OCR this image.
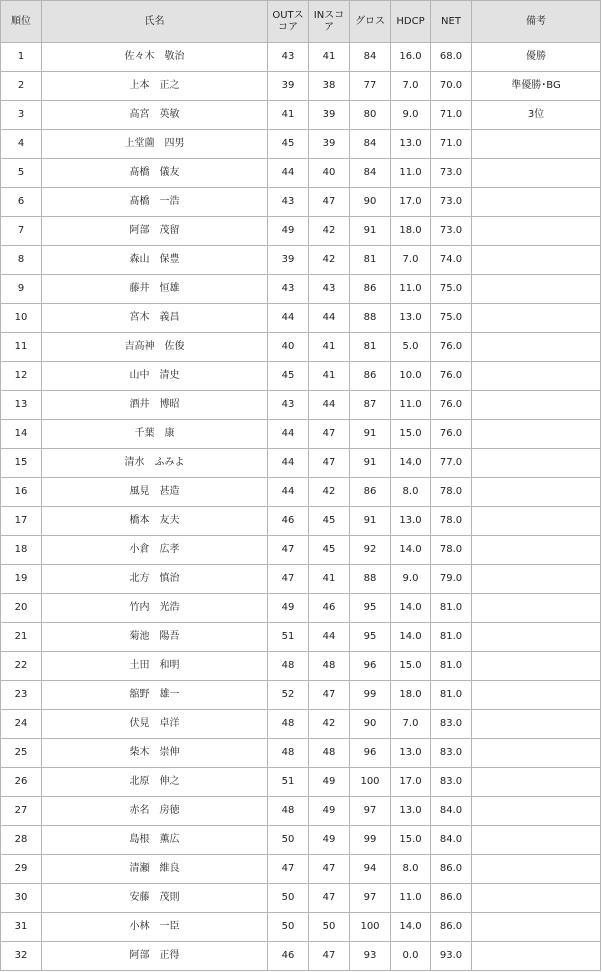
順位	氏名	OUTスコア	INスコア	グロス	HDCP	NET	備考
1	佐々木　敬治	43	41	84	16.0	68.0	優勝
2	上本　正之	39	38	77	7.0	70.0	準優勝･BG
3	高宮　英敏	41	39	80	9.0	71.0	3位
4	上堂薗　四男	45	39	84	13.0	71.0	
5	髙橋　儀友	44	40	84	11.0	73.0	
6	髙橋　一浩	43	47	90	17.0	73.0	
7	阿部　茂留	49	42	91	18.0	73.0	
8	森山　保豊	39	42	81	7.0	74.0	
9	藤井　恒雄	43	43	86	11.0	75.0	
10	宮木　義昌	44	44	88	13.0	75.0	
11	吉高神　佐俊	40	41	81	5.0	76.0	
12	山中　清史	45	41	86	10.0	76.0	
13	酒井　博昭	43	44	87	11.0	76.0	
14	千葉　康	44	47	91	15.0	76.0	
15	清水　ふみよ	44	47	91	14.0	77.0	
16	風見　甚造	44	42	86	8.0	78.0	
17	橋本　友夫	46	45	91	13.0	78.0	
18	小倉　広孝	47	45	92	14.0	78.0	
19	北方　慎治	47	41	88	9.0	79.0	
20	竹内　光浩	49	46	95	14.0	81.0	
21	菊池　陽吾	51	44	95	14.0	81.0	
22	土田　和明	48	48	96	15.0	81.0	
23	舘野　雄一	52	47	99	18.0	81.0	
24	伏見　卓洋	48	42	90	7.0	83.0	
25	柴木　崇伸	48	48	96	13.0	83.0	
26	北原　伸之	51	49	100	17.0	83.0	
27	赤名　房徳	48	49	97	13.0	84.0	
28	島根　薫広	50	49	99	15.0	84.0	
29	清瀬　維良	47	47	94	8.0	86.0	
30	安藤　茂則	50	47	97	11.0	86.0	
31	小林　一臣	50	50	100	14.0	86.0	
32	阿部　正得	46	47	93	0.0	93.0	
